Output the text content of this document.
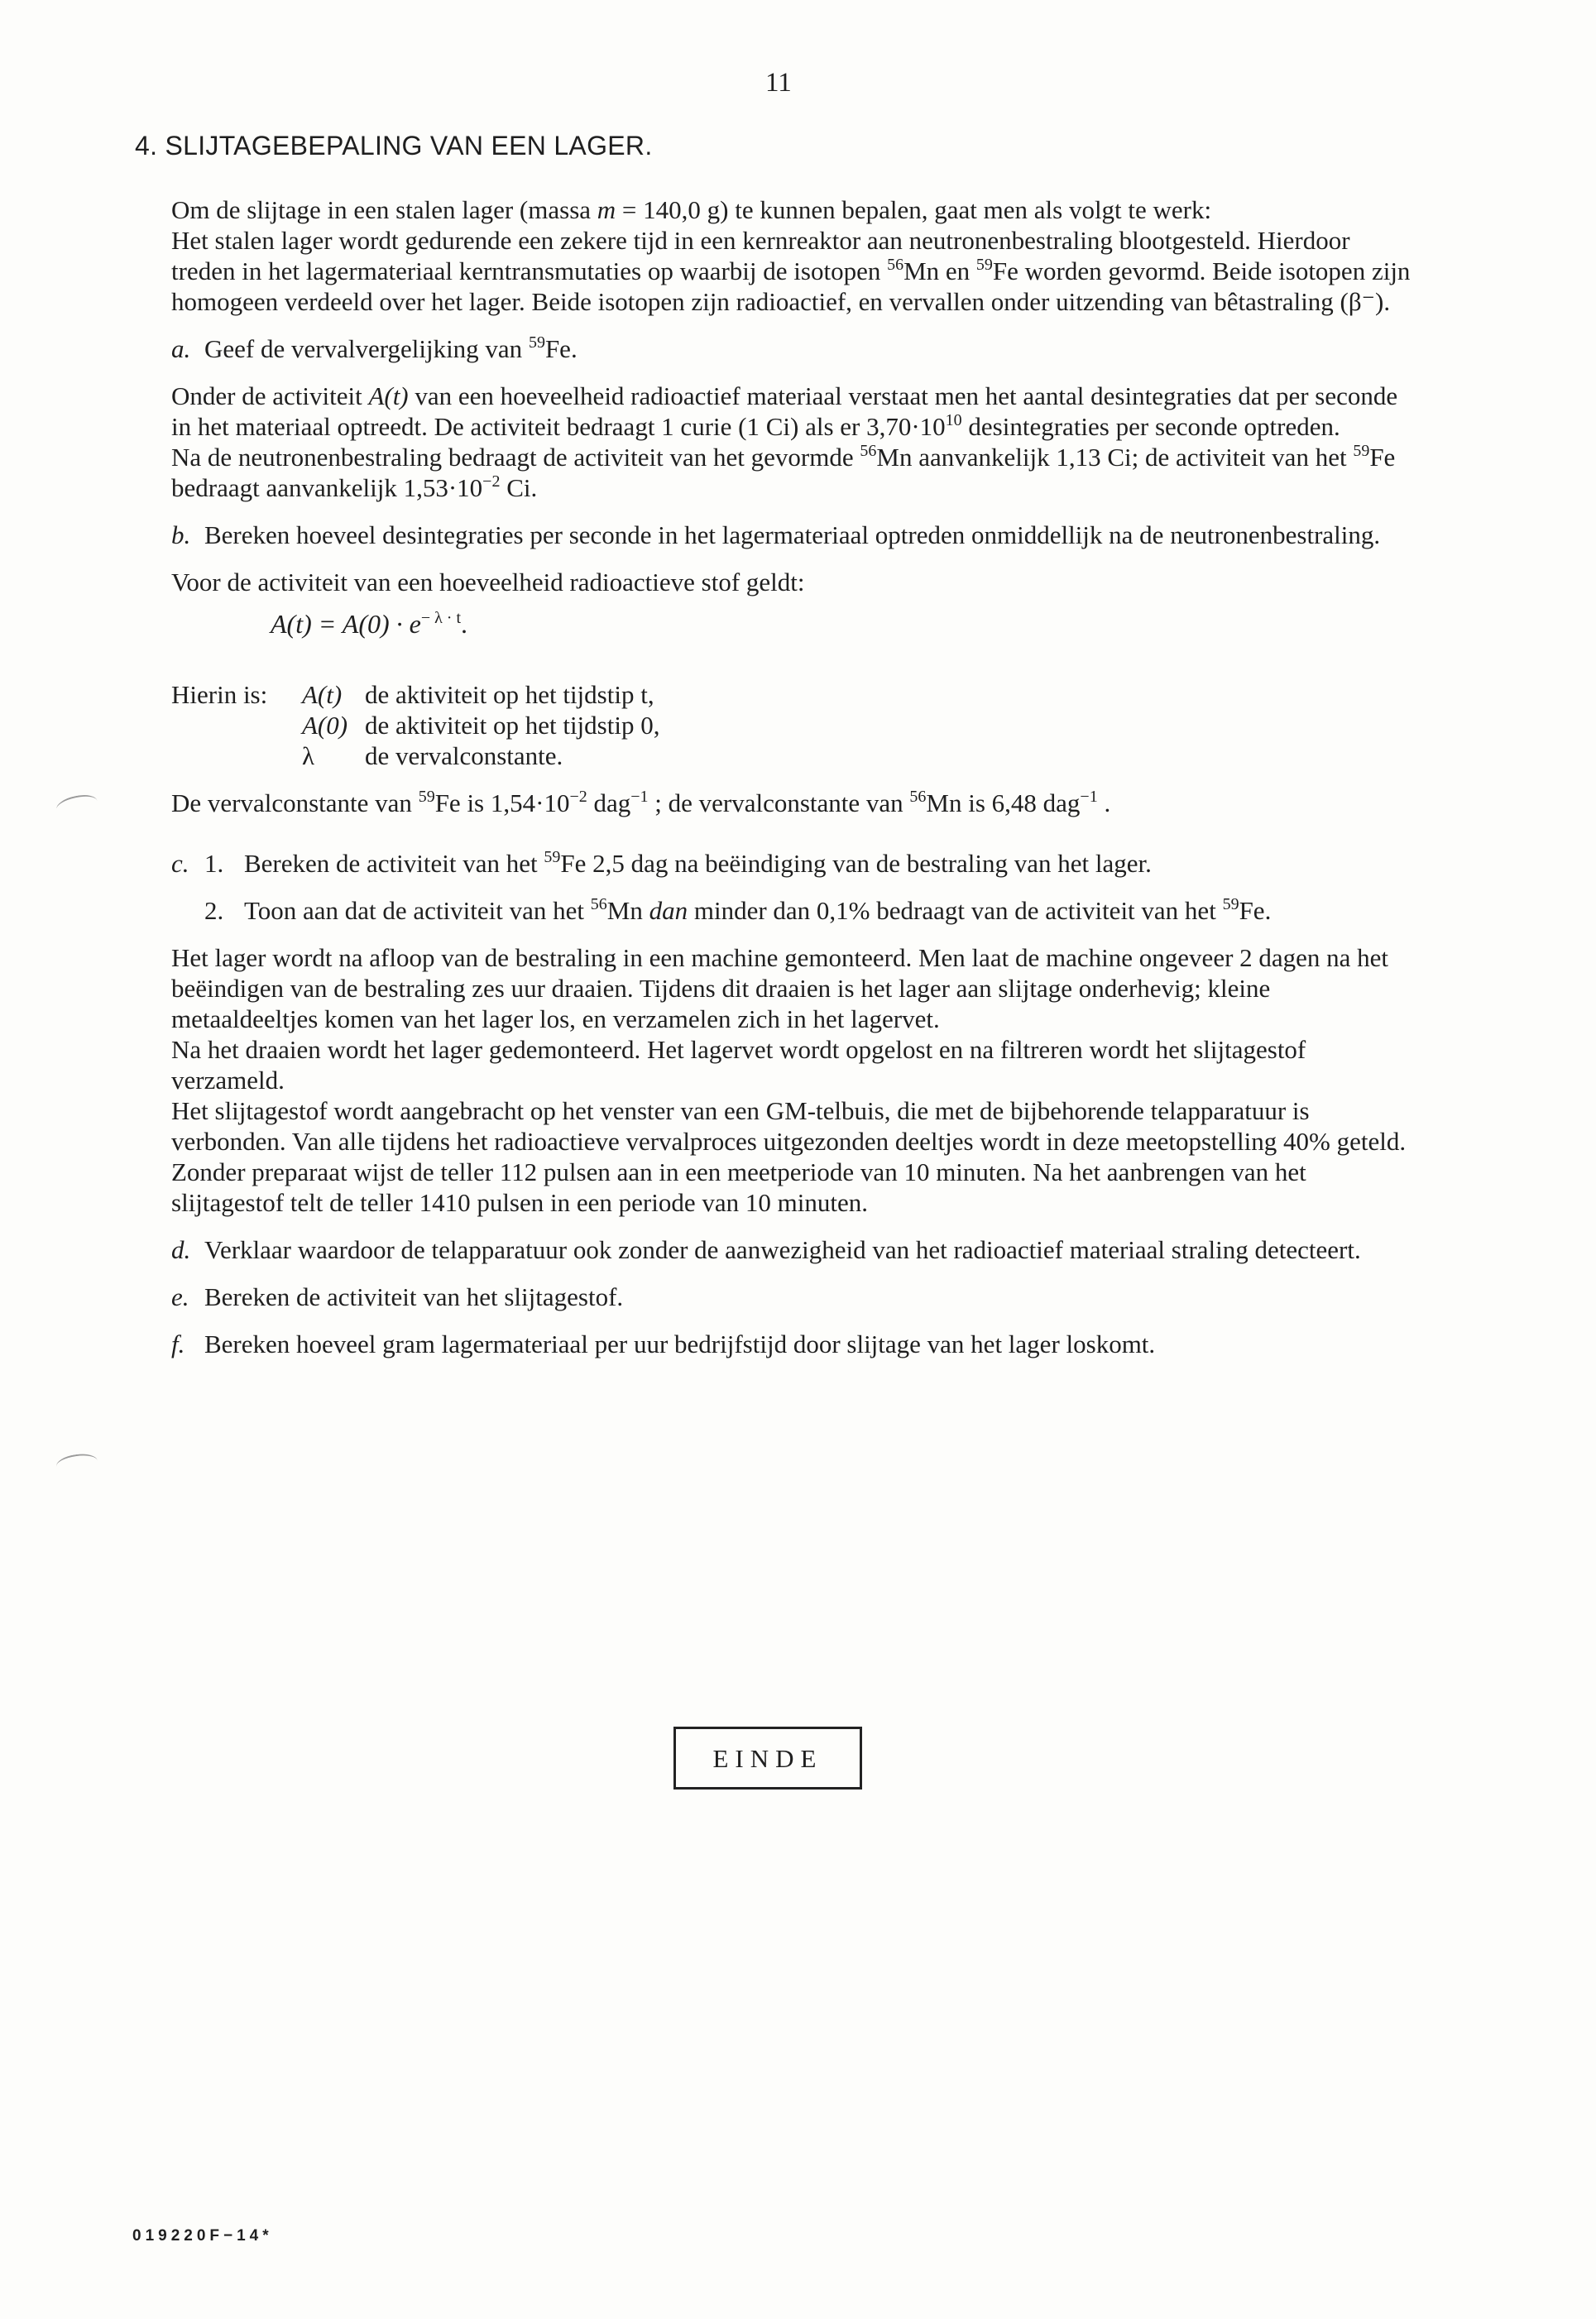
11
4. SLIJTAGEBEPALING VAN EEN LAGER.
Om de slijtage in een stalen lager (massa m = 140,0 g) te kunnen bepalen, gaat men als volgt te werk:
Het stalen lager wordt gedurende een zekere tijd in een kernreaktor aan neutronenbestraling blootgesteld. Hierdoor treden in het lagermateriaal kerntransmutaties op waarbij de isotopen $^{56}$Mn en $^{59}$Fe worden gevormd. Beide isotopen zijn homogeen verdeeld over het lager. Beide isotopen zijn radioactief, en vervallen onder uitzending van bêtastraling (β⁻).
a. Geef de vervalvergelijking van $^{59}$Fe.
Onder de activiteit A(t) van een hoeveelheid radioactief materiaal verstaat men het aantal desintegraties dat per seconde in het materiaal optreedt. De activiteit bedraagt 1 curie (1 Ci) als er $3,70\cdot 10^{10}$ desintegraties per seconde optreden.
Na de neutronenbestraling bedraagt de activiteit van het gevormde $^{56}$Mn aanvankelijk 1,13 Ci; de activiteit van het $^{59}$Fe bedraagt aanvankelijk $1,53\cdot 10^{-2}$ Ci.
b. Bereken hoeveel desintegraties per seconde in het lagermateriaal optreden onmiddellijk na de neutronenbestraling.
Voor de activiteit van een hoeveelheid radioactieve stof geldt:
$A(t) = A(0) \cdot e^{- \lambda \cdot t}$.
Hierin is:	A(t) de aktiviteit op het tijdstip t,
A(0) de aktiviteit op het tijdstip 0,
λ	de vervalconstante.
De vervalconstante van $^{59}$Fe is $1,54\cdot 10^{-2}$ dag$^{-1}$ ; de vervalconstante van $^{56}$Mn is 6,48 dag$^{-1}$ .
c. 1. Bereken de activiteit van het $^{59}$Fe 2,5 dag na beëindiging van de bestraling van het lager.
2. Toon aan dat de activiteit van het $^{56}$Mn dan minder dan 0,1% bedraagt van de activiteit van het $^{59}$Fe.
Het lager wordt na afloop van de bestraling in een machine gemonteerd. Men laat de machine ongeveer 2 dagen na het beëindigen van de bestraling zes uur draaien. Tijdens dit draaien is het lager aan slijtage onderhevig; kleine metaaldeeltjes komen van het lager los, en verzamelen zich in het lagervet.
Na het draaien wordt het lager gedemonteerd. Het lagervet wordt opgelost en na filtreren wordt het slijtagestof verzameld.
Het slijtagestof wordt aangebracht op het venster van een GM-telbuis, die met de bijbehorende telapparatuur is verbonden. Van alle tijdens het radioactieve vervalproces uitgezonden deeltjes wordt in deze meetopstelling 40% geteld.
Zonder preparaat wijst de teller 112 pulsen aan in een meetperiode van 10 minuten. Na het aanbrengen van het slijtagestof telt de teller 1410 pulsen in een periode van 10 minuten.
d. Verklaar waardoor de telapparatuur ook zonder de aanwezigheid van het radioactief materiaal straling detecteert.
e. Bereken de activiteit van het slijtagestof.
f. Bereken hoeveel gram lagermateriaal per uur bedrijfstijd door slijtage van het lager loskomt.
EINDE
019220F−14*
